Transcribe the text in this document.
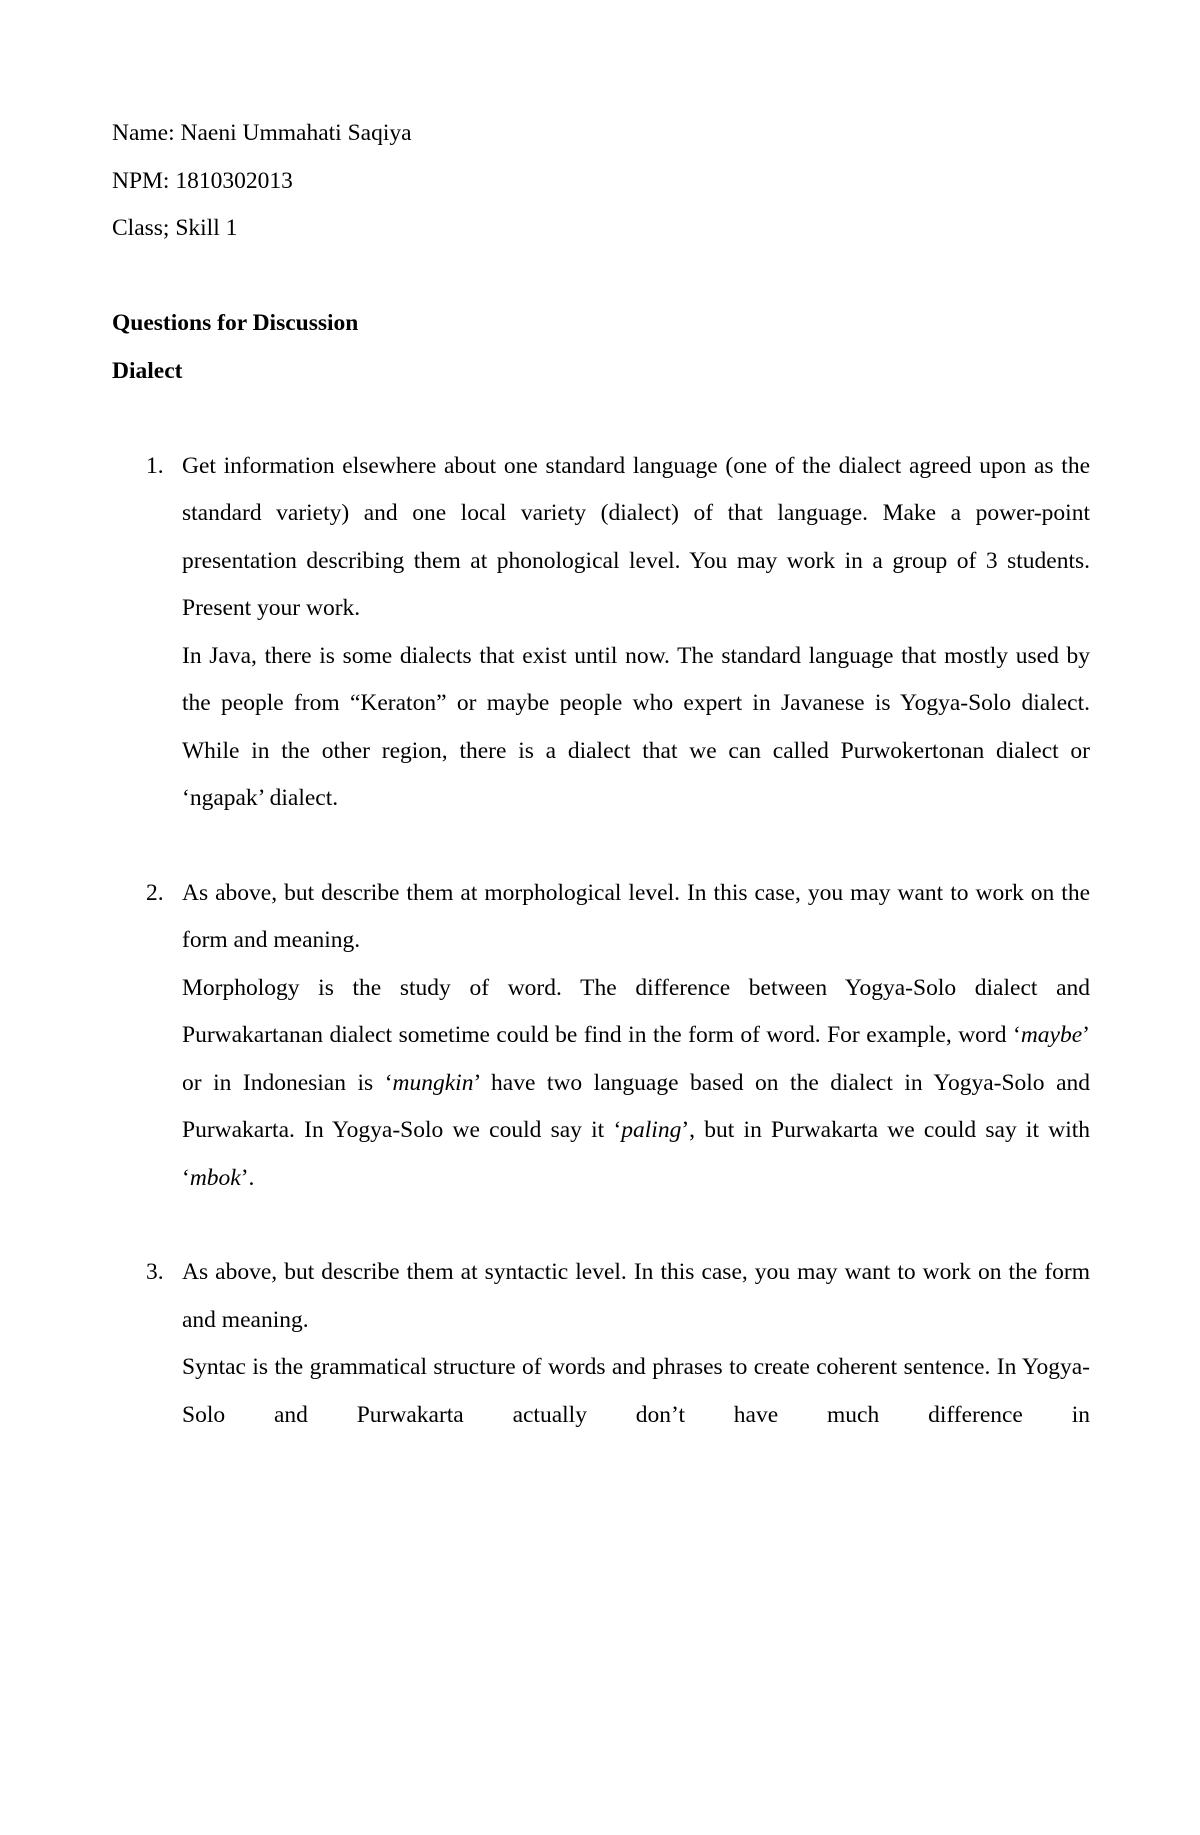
Name: Naeni Ummahati Saqiya

NPM: 1810302013

Class; Skill 1

Questions for Discussion

Dialect

1. Get information elsewhere about one standard language (one of the dialect agreed upon as the standard variety) and one local variety (dialect) of that language. Make a power-point presentation describing them at phonological level. You may work in a group of 3 students. Present your work.

In Java, there is some dialects that exist until now. The standard language that mostly used by the people from “Keraton” or maybe people who expert in Javanese is Yogya-Solo dialect. While in the other region, there is a dialect that we can called Purwokertonan dialect or ‘ngapak’ dialect.

2. As above, but describe them at morphological level. In this case, you may want to work on the form and meaning.

Morphology is the study of word. The difference between Yogya-Solo dialect and Purwakartanan dialect sometime could be find in the form of word. For example, word ‘maybe’ or in Indonesian is ‘mungkin’ have two language based on the dialect in Yogya-Solo and Purwakarta. In Yogya-Solo we could say it ‘paling’, but in Purwakarta we could say it with ‘mbok’.

3. As above, but describe them at syntactic level. In this case, you may want to work on the form and meaning.

Syntac is the grammatical structure of words and phrases to create coherent sentence. In Yogya-Solo and Purwakarta actually don’t have much difference in
